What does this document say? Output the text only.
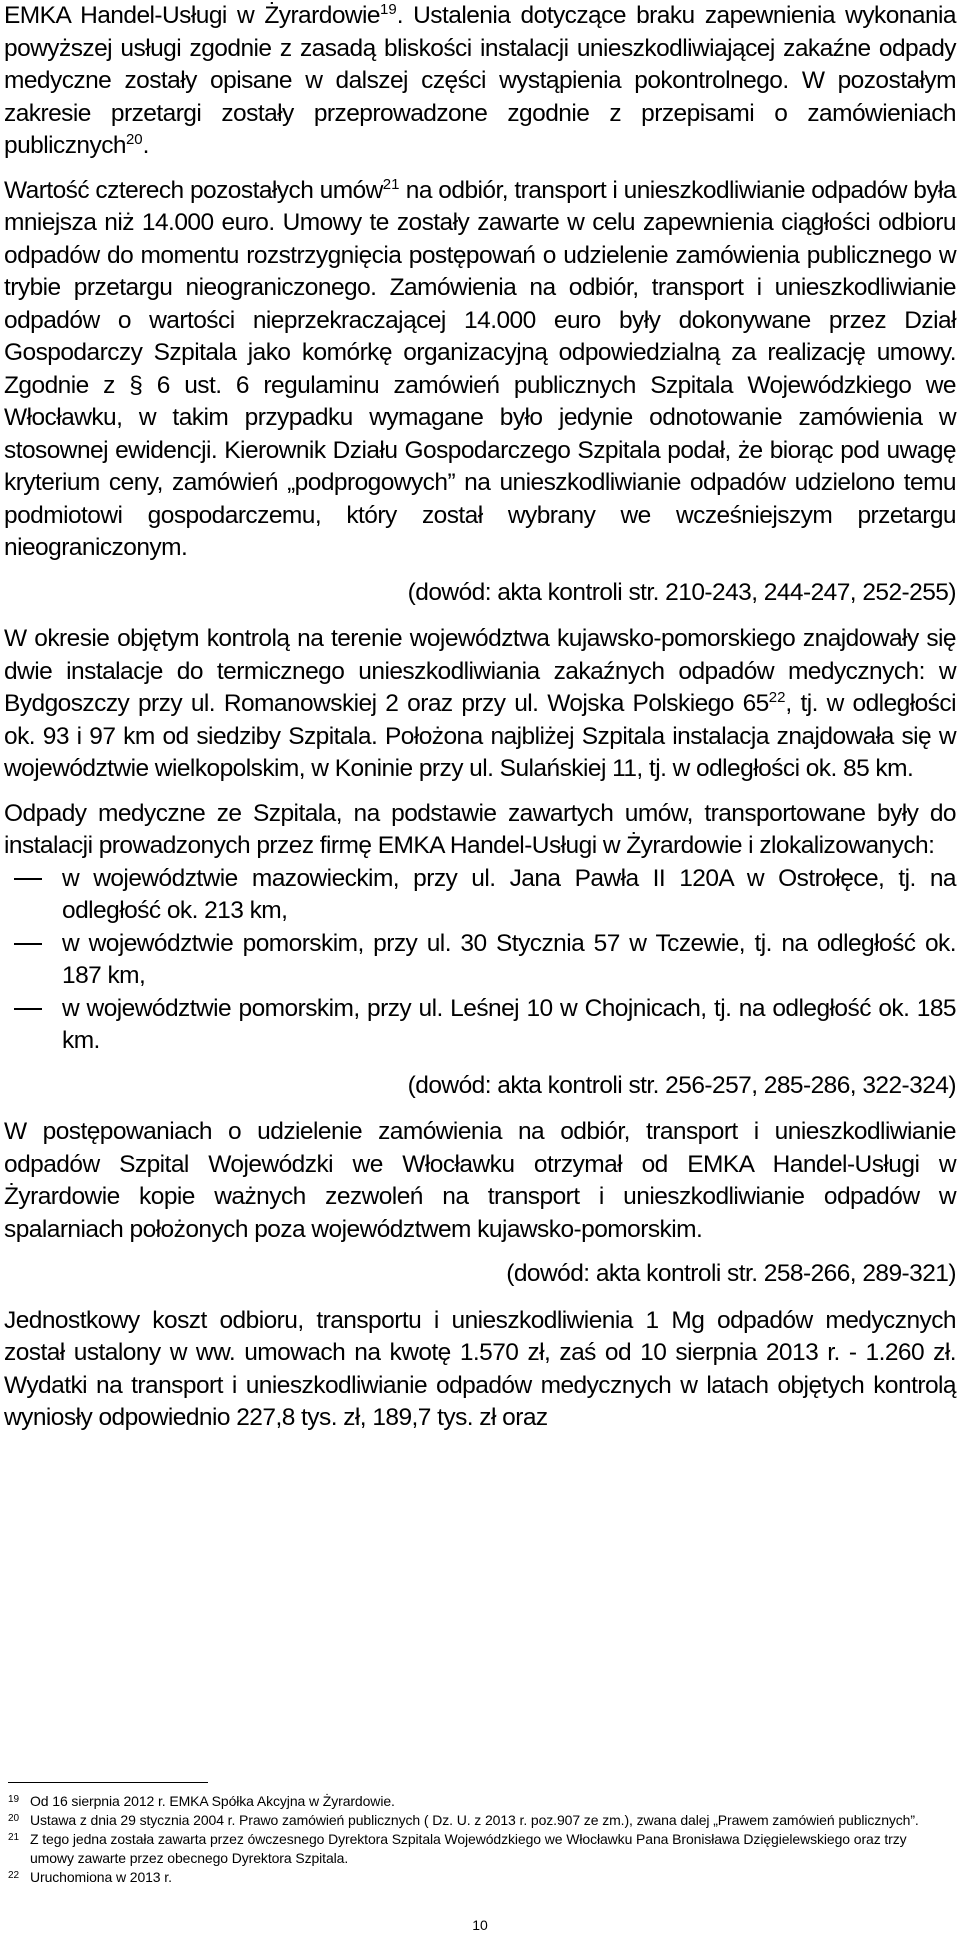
EMKA Handel-Usługi w Żyrardowie$^{19}$. Ustalenia dotyczące braku zapewnienia wykonania powyższej usługi zgodnie z zasadą bliskości instalacji unieszkodliwiającej zakaźne odpady medyczne zostały opisane w dalszej części wystąpienia pokontrolnego. W pozostałym zakresie przetargi zostały przeprowadzone zgodnie z przepisami o zamówieniach publicznych$^{20}$.

Wartość czterech pozostałych umów$^{21}$ na odbiór, transport i unieszkodliwianie odpadów była mniejsza niż 14.000 euro. Umowy te zostały zawarte w celu zapewnienia ciągłości odbioru odpadów do momentu rozstrzygnięcia postępowań o udzielenie zamówienia publicznego w trybie przetargu nieograniczonego. Zamówienia na odbiór, transport i unieszkodliwianie odpadów o wartości nieprzekraczającej 14.000 euro były dokonywane przez Dział Gospodarczy Szpitala jako komórkę organizacyjną odpowiedzialną za realizację umowy. Zgodnie z § 6 ust. 6 regulaminu zamówień publicznych Szpitala Wojewódzkiego we Włocławku, w takim przypadku wymagane było jedynie odnotowanie zamówienia w stosownej ewidencji. Kierownik Działu Gospodarczego Szpitala podał, że biorąc pod uwagę kryterium ceny, zamówień „podprogowych” na unieszkodliwianie odpadów udzielono temu podmiotowi gospodarczemu, który został wybrany we wcześniejszym przetargu nieograniczonym.

(dowód: akta kontroli str. 210-243, 244-247, 252-255)

W okresie objętym kontrolą na terenie województwa kujawsko-pomorskiego znajdowały się dwie instalacje do termicznego unieszkodliwiania zakaźnych odpadów medycznych: w Bydgoszczy przy ul. Romanowskiej 2 oraz przy ul. Wojska Polskiego $65^{22}$, tj. w odległości ok. 93 i 97 km od siedziby Szpitala. Położona najbliżej Szpitala instalacja znajdowała się w województwie wielkopolskim, w Koninie przy ul. Sulańskiej 11, tj. w odległości ok. 85 km.

Odpady medyczne ze Szpitala, na podstawie zawartych umów, transportowane były do instalacji prowadzonych przez firmę EMKA Handel-Usługi w Żyrardowie i zlokalizowanych:

w województwie mazowieckim, przy ul. Jana Pawła II 120A w Ostrołęce, tj. na odległość ok. 213 km,
w województwie pomorskim, przy ul. 30 Stycznia 57 w Tczewie, tj. na odległość ok. 187 km,
w województwie pomorskim, przy ul. Leśnej 10 w Chojnicach, tj. na odległość ok. 185 km.
(dowód: akta kontroli str. 256-257, 285-286, 322-324)

W postępowaniach o udzielenie zamówienia na odbiór, transport i unieszkodliwianie odpadów Szpital Wojewódzki we Włocławku otrzymał od EMKA Handel-Usługi w Żyrardowie kopie ważnych zezwoleń na transport i unieszkodliwianie odpadów w spalarniach położonych poza województwem kujawsko-pomorskim.

(dowód: akta kontroli str. 258-266, 289-321)

Jednostkowy koszt odbioru, transportu i unieszkodliwienia 1 Mg odpadów medycznych został ustalony w ww. umowach na kwotę 1.570 zł, zaś od 10 sierpnia 2013 r. - 1.260 zł. Wydatki na transport i unieszkodliwianie odpadów medycznych w latach objętych kontrolą wyniosły odpowiednio 227,8 tys. zł, 189,7 tys. zł oraz

19 Od 16 sierpnia 2012 r. EMKA Spółka Akcyjna w Żyrardowie.
20 Ustawa z dnia 29 stycznia 2004 r. Prawo zamówień publicznych ( Dz. U. z 2013 r. poz.907 ze zm.), zwana dalej „Prawem zamówień publicznych”.
21 Z tego jedna została zawarta przez ówczesnego Dyrektora Szpitala Wojewódzkiego we Włocławku Pana Bronisława Dzięgielewskiego oraz trzy umowy zawarte przez obecnego Dyrektora Szpitala.
22 Uruchomiona w 2013 r.
10
